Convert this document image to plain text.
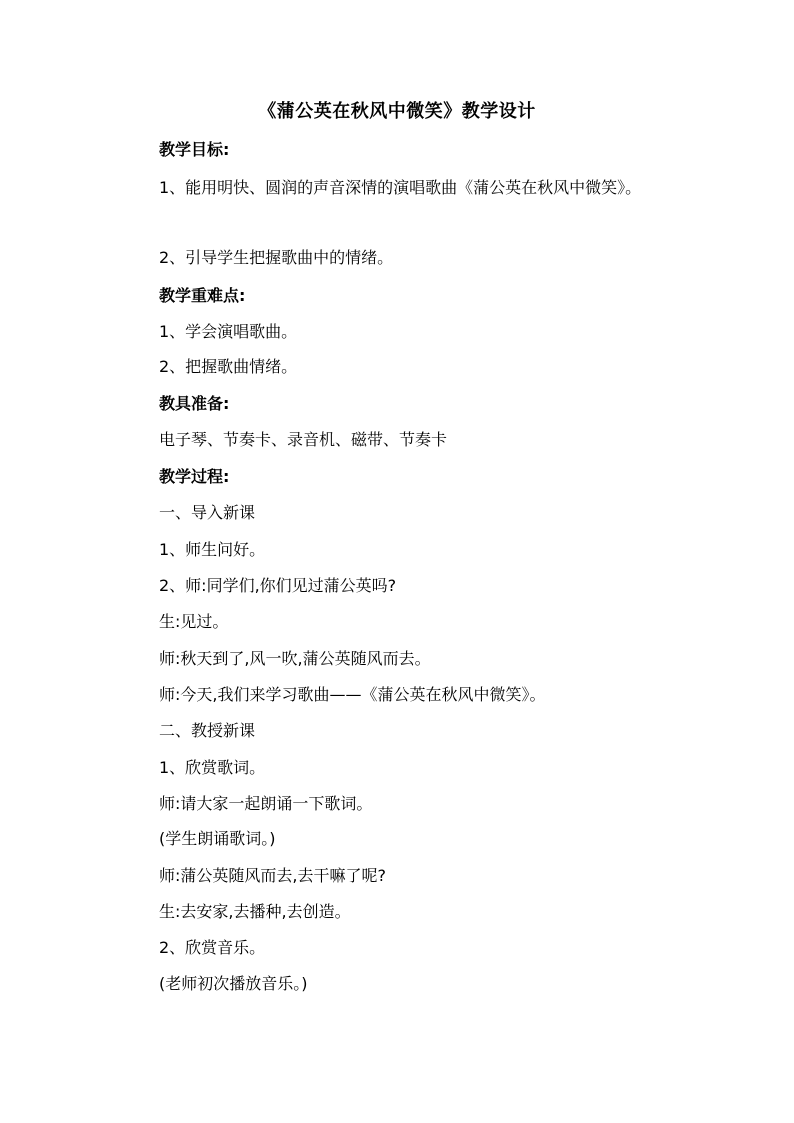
《蒲公英在秋风中微笑》教学设计
教学目标:
1、能用明快、圆润的声音深情的演唱歌曲《蒲公英在秋风中微笑》。
2、引导学生把握歌曲中的情绪。
教学重难点:
1、学会演唱歌曲。
2、把握歌曲情绪。
教具准备:
电子琴、节奏卡、录音机、磁带、节奏卡
教学过程:
一、导入新课
1、师生问好。
2、师:同学们,你们见过蒲公英吗?
生:见过。
师:秋天到了,风一吹,蒲公英随风而去。
师:今天,我们来学习歌曲——《蒲公英在秋风中微笑》。
二、教授新课
1、欣赏歌词。
师:请大家一起朗诵一下歌词。
(学生朗诵歌词。)
师:蒲公英随风而去,去干嘛了呢?
生:去安家,去播种,去创造。
2、欣赏音乐。
(老师初次播放音乐。)
